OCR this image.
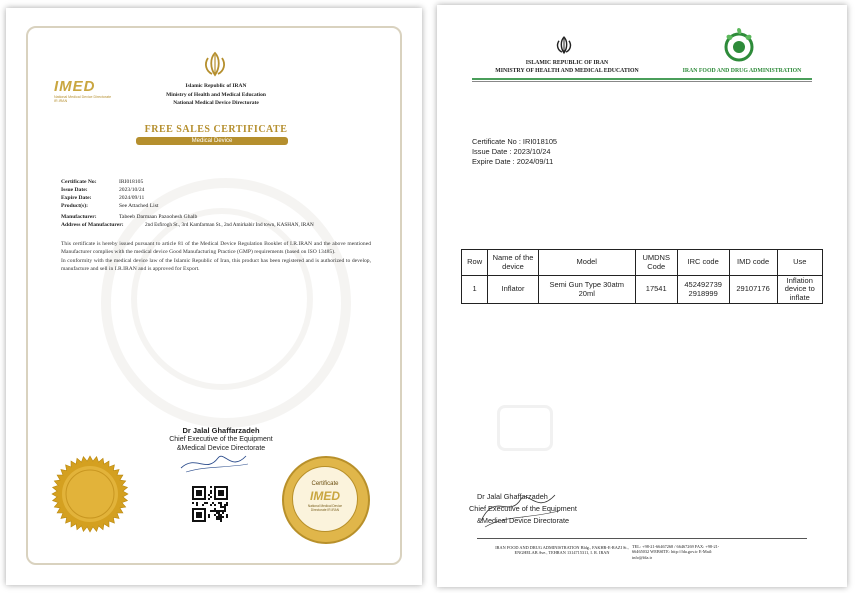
IMED
National Medical Device Directorate IR.IRAN
Islamic Republic of IRAN
Ministry of Health and Medical Education
National Medical Device Directorate
FREE SALES CERTIFICATE
Medical Device
Certificate No:	IRI018105
Issue Date:	2023/10/24
Expire Date:	2024/09/11
Product(s):	See Attached List
Manufacturer:	Tabeeb Darmaan Pazoohesh Ghalb
Address of Manufacturer:	2nd Esfirogh St., 3rd Kamfarman St., 2nd Amirkabir Ind town, KASHAN, IRAN
This certificate is hereby issued pursuant to article 81 of the Medical Device Regulation Booklet of I.R.IRAN and the above mentioned Manufacturer complies with the medical device Good Manufacturing Practice (GMP) requirements (based on ISO 13485).
In conformity with the medical device law of the Islamic Republic of Iran, this product has been registered and is authorized to develop, manufacture and sell in I.R.IRAN and is approved for Export.
Dr Jalal Ghaffarzadeh
Chief Executive of the Equipment
&Medical Device Directorate
Certificate
IMED
National Medical Device Directorate IR.IRAN
ISLAMIC REPUBLIC OF IRAN
MINISTRY OF HEALTH AND MEDICAL EDUCATION	IRAN FOOD AND DRUG ADMINISTRATION
Certificate No : IRI018105
Issue Date : 2023/10/24
Expire Date : 2024/09/11
Row	Name of the device	Model	UMDNS Code	IRC code	IMD code	Use
1	Inflator	Semi Gun Type 30atm 20ml	17541	452492739 2918999	29107176	Inflation device to inflate
Dr Jalal Ghaffarzadeh
Chief Executive of the Equipment
&Medical Device Directorate
IRAN FOOD AND DRUG ADMINISTRATION Bldg., FAKHR-E-RAZI St., ENGHELAB Ave., TEHRAN 1314715311, I. R. IRAN
TEL: +98-21-66467268 / 66467269 FAX: +98-21-66465032 WEBSITE: http://fda.gov.ir E-Mail: info@fda.ir
